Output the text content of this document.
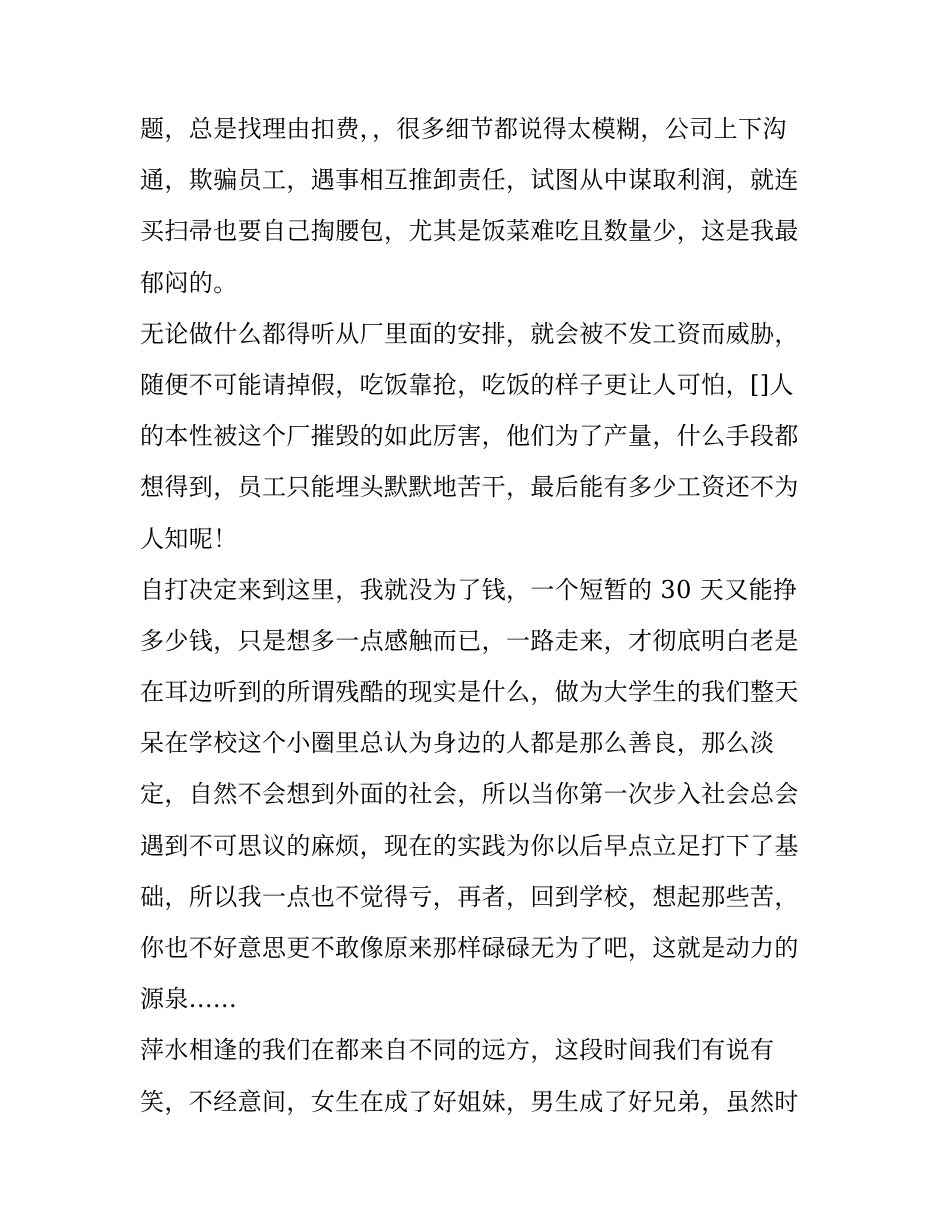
题，总是找理由扣费，，很多细节都说得太模糊，公司上下沟
通，欺骗员工，遇事相互推卸责任，试图从中谋取利润，就连
买扫帚也要自己掏腰包，尤其是饭菜难吃且数量少，这是我最
郁闷的。
无论做什么都得听从厂里面的安排，就会被不发工资而威胁，
随便不可能请掉假，吃饭靠抢，吃饭的样子更让人可怕，[]人
的本性被这个厂摧毁的如此厉害，他们为了产量，什么手段都
想得到，员工只能埋头默默地苦干，最后能有多少工资还不为
人知呢！
自打决定来到这里，我就没为了钱，一个短暂的 30 天又能挣
多少钱，只是想多一点感触而已，一路走来，才彻底明白老是
在耳边听到的所谓残酷的现实是什么，做为大学生的我们整天
呆在学校这个小圈里总认为身边的人都是那么善良，那么淡
定，自然不会想到外面的社会，所以当你第一次步入社会总会
遇到不可思议的麻烦，现在的实践为你以后早点立足打下了基
础，所以我一点也不觉得亏，再者，回到学校，想起那些苦，
你也不好意思更不敢像原来那样碌碌无为了吧，这就是动力的
源泉......
萍水相逢的我们在都来自不同的远方，这段时间我们有说有
笑，不经意间，女生在成了好姐妹，男生成了好兄弟，虽然时
